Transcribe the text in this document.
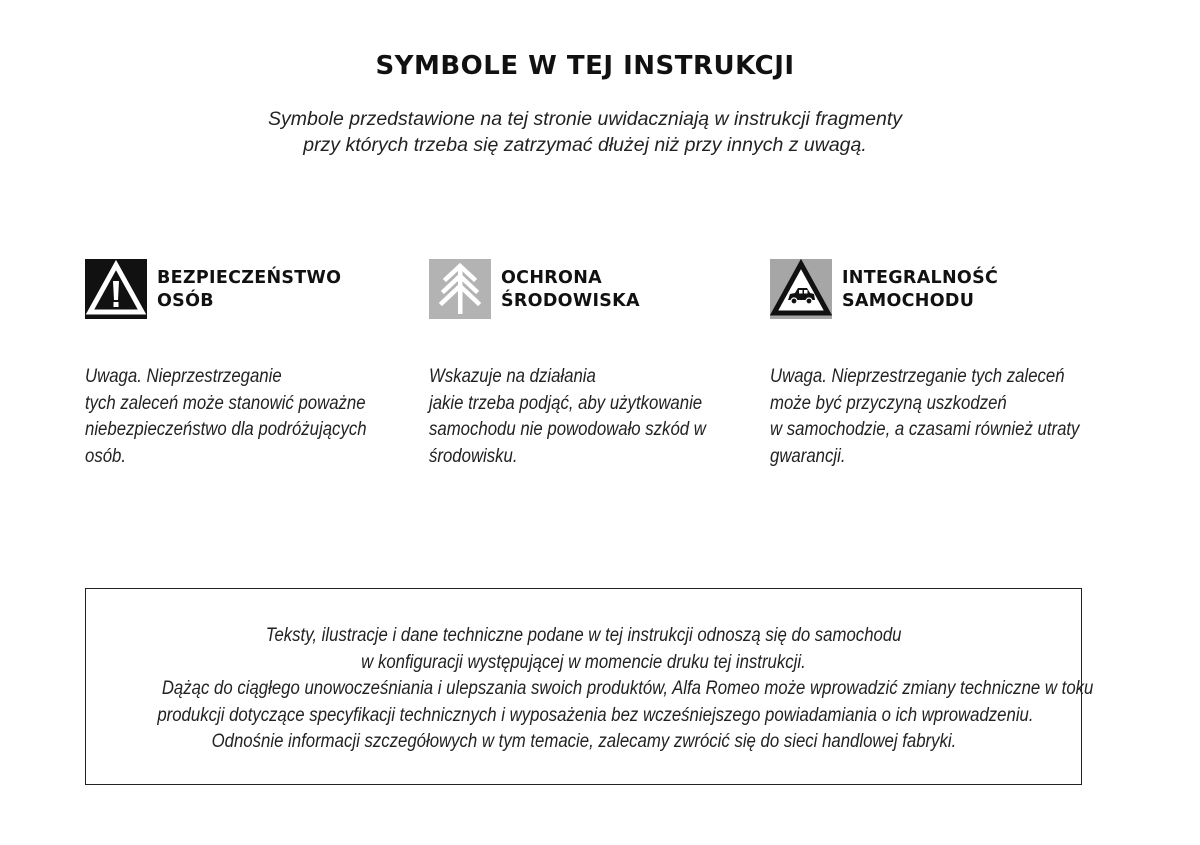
SYMBOLE W TEJ INSTRUKCJI
Symbole przedstawione na tej stronie uwidaczniają w instrukcji fragmenty
przy których trzeba się zatrzymać dłużej niż przy innych z uwagą.
BEZPIECZEŃSTWO
OSÓB
Uwaga. Nieprzestrzeganie
tych zaleceń może stanowić poważne
niebezpieczeństwo dla podróżujących
osób.
OCHRONA
ŚRODOWISKA
Wskazuje na działania
jakie trzeba podjąć, aby użytkowanie
samochodu nie powodowało szkód w
środowisku.
INTEGRALNOŚĆ
SAMOCHODU
Uwaga. Nieprzestrzeganie tych zaleceń
może być przyczyną uszkodzeń
w samochodzie, a czasami również utraty
gwarancji.
Teksty, ilustracje i dane techniczne podane w tej instrukcji odnoszą się do samochodu
w konfiguracji występującej w momencie druku tej instrukcji.
Dążąc do ciągłego unowocześniania i ulepszania swoich produktów, Alfa Romeo może wprowadzić zmiany techniczne w toku
produkcji dotyczące specyfikacji technicznych i wyposażenia bez wcześniejszego powiadamiania o ich wprowadzeniu.
Odnośnie informacji szczegółowych w tym temacie, zalecamy zwrócić się do sieci handlowej fabryki.
